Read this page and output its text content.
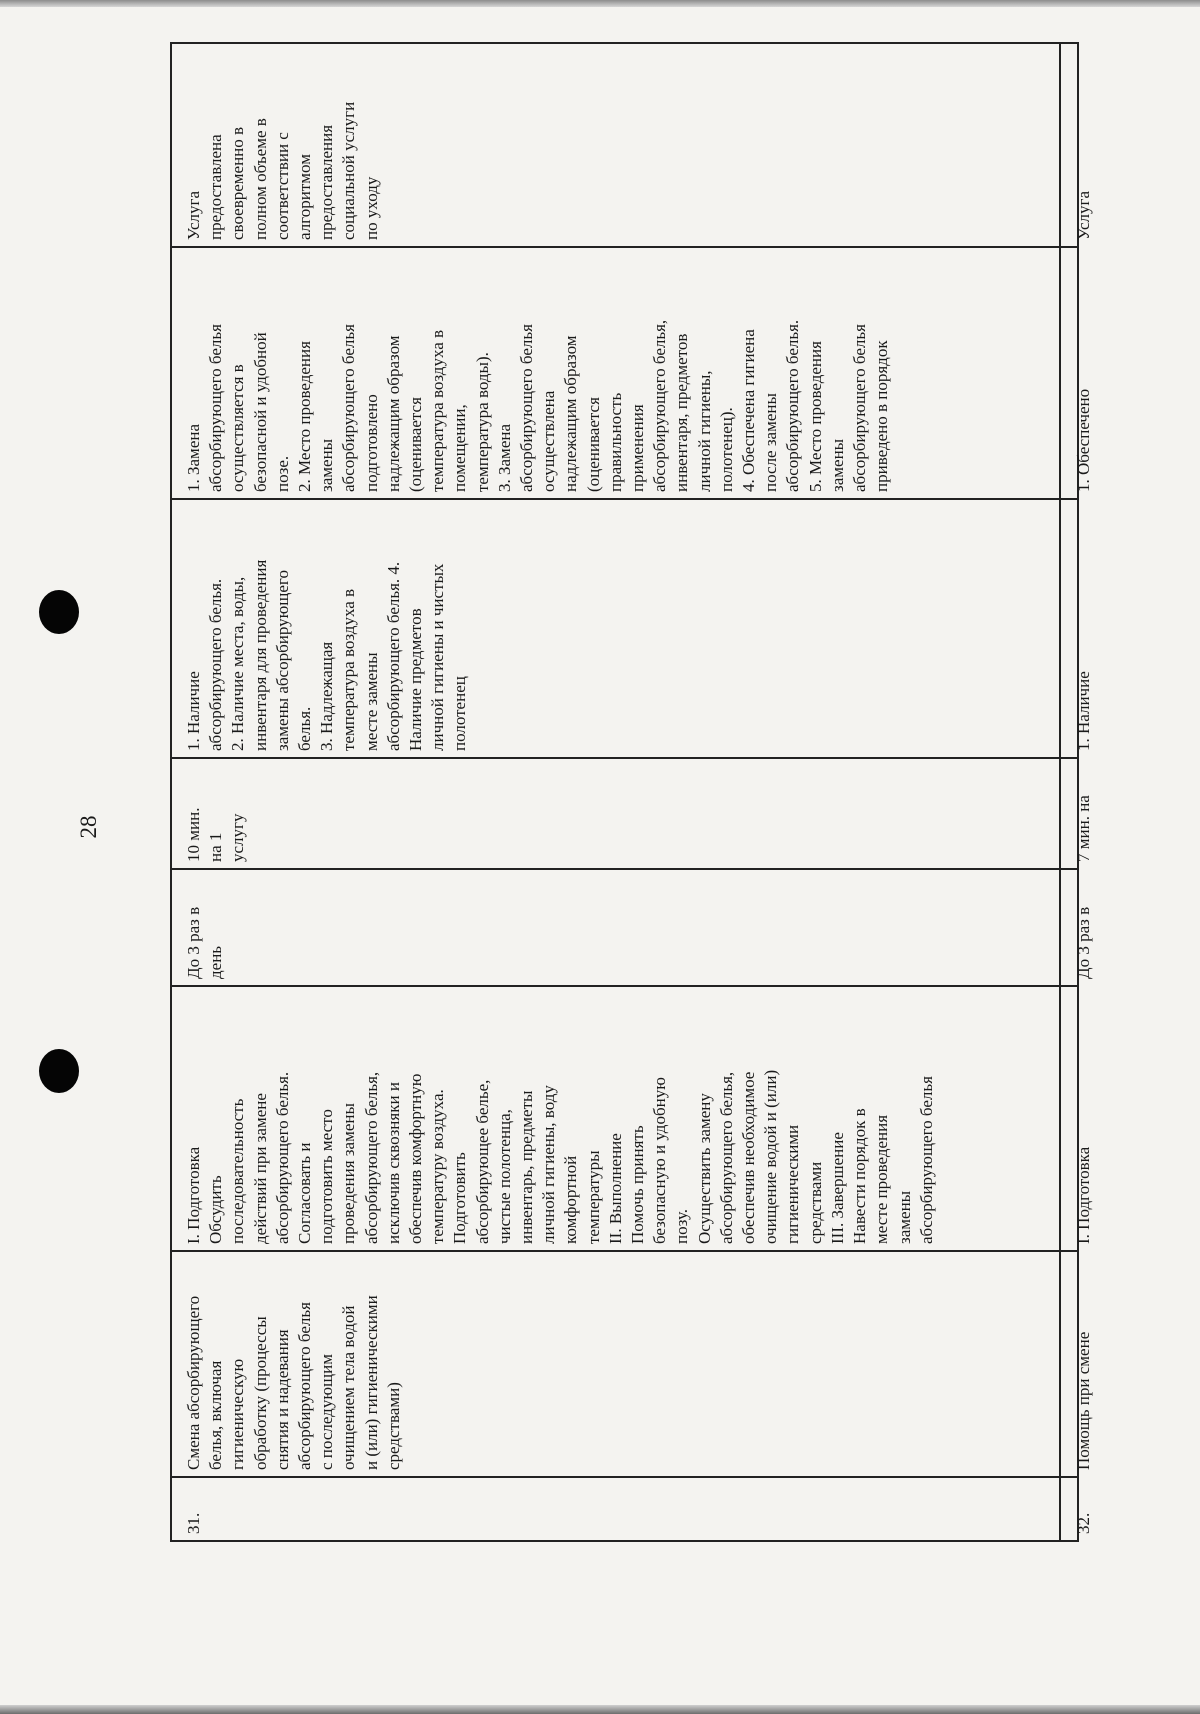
28
31.
Смена абсорбирующего
белья, включая
гигиеническую
обработку (процессы
снятия и надевания
абсорбирующего белья
с последующим
очищением тела водой
и (или) гигиеническими
средствами)
I. Подготовка
Обсудить
последовательность
действий при замене
абсорбирующего белья.
Согласовать и
подготовить место
проведения замены
абсорбирующего белья,
исключив сквозняки и
обеспечив комфортную
температуру воздуха.
Подготовить
абсорбирующее белье,
чистые полотенца,
инвентарь, предметы
личной гигиены, воду
комфортной
температуры
II. Выполнение
Помочь принять
безопасную и удобную
позу.
Осуществить замену
абсорбирующего белья,
обеспечив необходимое
очищение водой и (или)
гигиеническими
средствами
III. Завершение
Навести порядок в
месте проведения
замены
абсорбирующего белья
До 3 раз в
день
10 мин.
на 1
услугу
1. Наличие
абсорбирующего белья.
2. Наличие места, воды,
инвентаря для проведения
замены абсорбирующего
белья.
3. Надлежащая
температура воздуха в
месте замены
абсорбирующего белья. 4.
Наличие предметов
личной гигиены и чистых
полотенец
1. Замена
абсорбирующего белья
осуществляется в
безопасной и удобной
позе.
2. Место проведения
замены
абсорбирующего белья
подготовлено
надлежащим образом
(оценивается
температура воздуха в
помещении,
температура воды).
3. Замена
абсорбирующего белья
осуществлена
надлежащим образом
(оценивается
правильность
применения
абсорбирующего белья,
инвентаря, предметов
личной гигиены,
полотенец).
4. Обеспечена гигиена
после замены
абсорбирующего белья.
5. Место проведения
замены
абсорбирующего белья
приведено в порядок
Услуга
предоставлена
своевременно в
полном объеме в
соответствии с
алгоритмом
предоставления
социальной услуги
по уходу
32.
Помощь при смене
I. Подготовка
До 3 раз в
7 мин. на
1. Наличие
1. Обеспечено
Услуга
